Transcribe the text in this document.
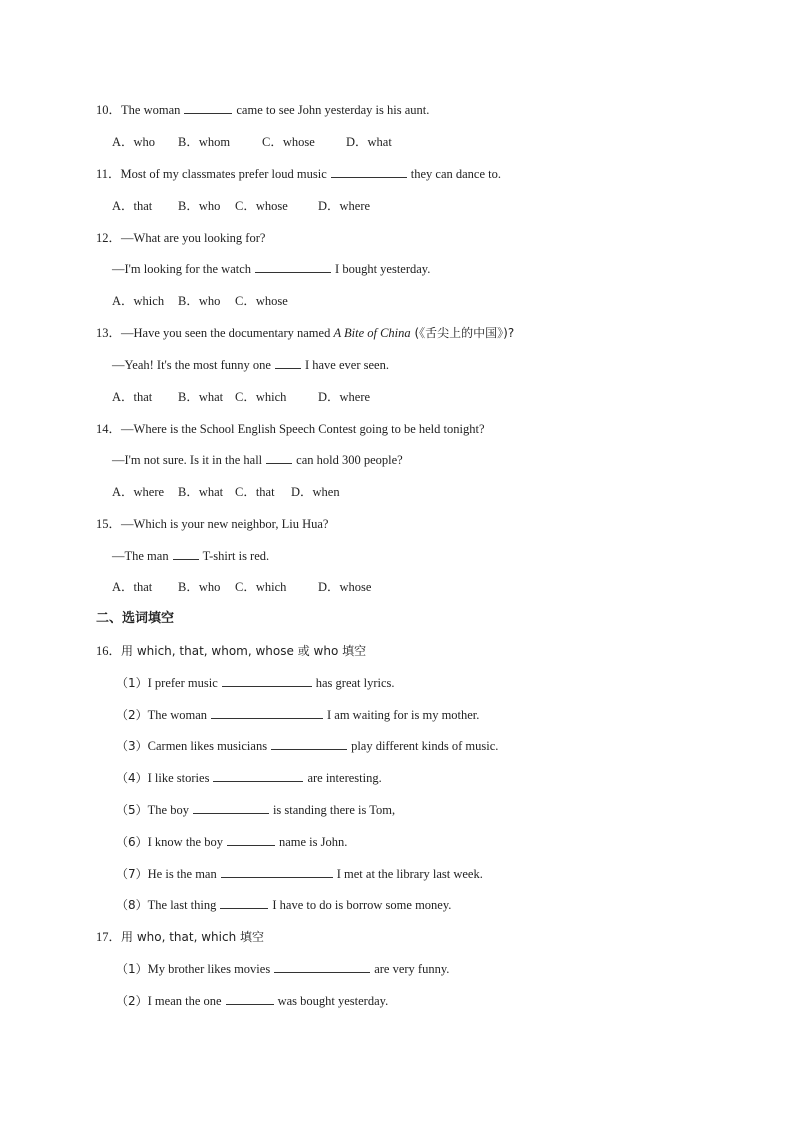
10．The woman	came to see John yesterday is his aunt.
A．who B．whom	C．whose D．what
11．Most of my classmates prefer loud music	they can dance to.
A．that B．who C．whose D．where
12．—What are you looking for?
—I'm looking for the watch	I bought yesterday.
A．which B．who C．whose
13．—Have you seen the documentary named A Bite of China (《舌尖上的中国》)?
—Yeah! It's the most funny one	I have ever seen.
A．that B．what C．which	D．where
14．—Where is the School English Speech Contest going to be held tonight?
—I'm not sure. Is it in the hall	can hold 300 people?
A．where B．what C．that D．when
15．—Which is your new neighbor, Liu Hua?
—The man	T-shirt is red.
A．that B．who C．which	D．whose
二、选词填空
16．用 which, that, whom, whose 或 who 填空
（1）I prefer music	has great lyrics.
（2）The woman	I am waiting for is my mother.
（3）Carmen likes musicians	play different kinds of music.
（4）I like stories	are interesting.
（5）The boy	is standing there is Tom,
（6）I know the boy	name is John.
（7）He is the man	I met at the library last week.
（8）The last thing	I have to do is borrow some money.
17．用 who, that, which 填空
（1）My brother likes movies	are very funny.
（2）I mean the one	was bought yesterday.
